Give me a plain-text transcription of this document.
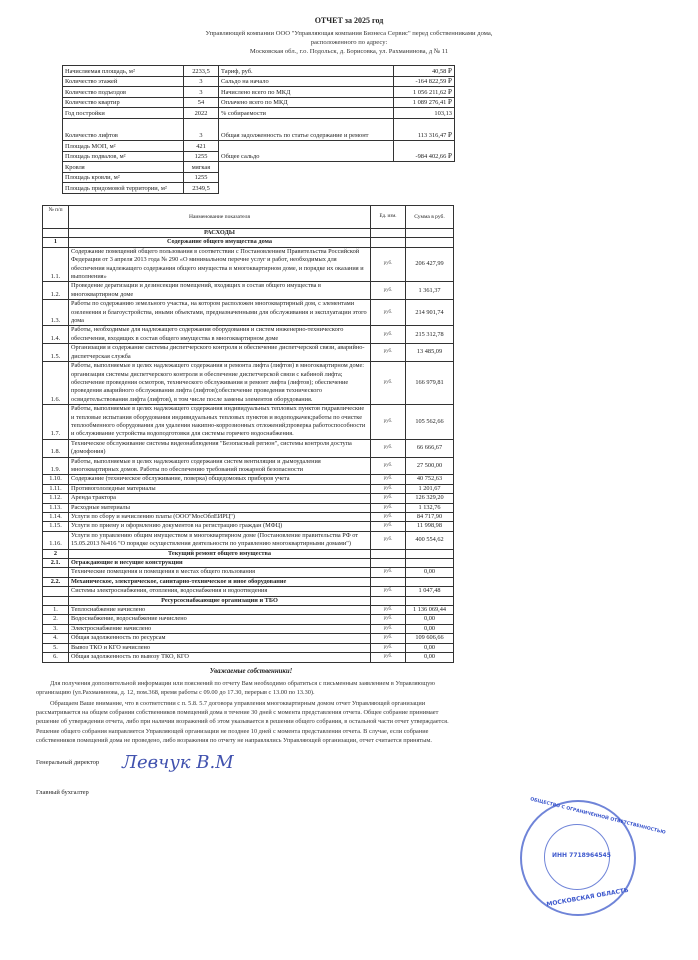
ОТЧЕТ за 2025 год
Управляющей компании ООО "Управляющая компания Бизнеса Сервис" перед собственниками дома,
расположенного по адресу:
Московская обл., г.о. Подольск, д. Борисовка, ул. Рахманинова, д № 11
Начисляемая площадь, м²	2233,5	Тариф, руб.	40,58 ₽
Количество этажей	3	Сальдо на начало	-164 822,59 ₽
Количество подъездов	3	Начислено всего по МКД	1 056 211,62 ₽
Количество квартир	54	Оплачено всего по МКД	1 089 276,41 ₽
Год постройки	2022	% собираемости	103,13
Количество лифтов	3	Общая задолженность по статье содержание и ремонт	113 316,47 ₽
Площадь МОП, м²	421	Общее сальдо	-984 402,66 ₽
Площадь подвалов, м²	1255		
Кровля	мягкая		
Площадь кровли, м²	1255		
Площадь придомовой территории, м²	2349,5		
№ п/п	Наименование показателя	Ед. изм.	Сумма в руб.
	РАСХОДЫ		
1	Содержание общего имущества дома		
1.1.	Содержание помещений общего пользования в соответствии с Постановлением Правительства Российской Федерации от 3 апреля 2013 года № 290 «О минимальном перечне услуг и работ, необходимых для обеспечения надлежащего содержания общего имущества в многоквартирном доме, и порядке их оказания и выполнения»	руб.	206 427,99
1.2.	Проведение дератизации и дезинсекции помещений, входящих в состав общего имущества в многоквартирном доме	руб.	1 361,37
1.3.	Работы по содержанию земельного участка, на котором расположен многоквартирный дом, с элементами озеленения и благоустройства, иными объектами, предназначенными для обслуживания и эксплуатации этого дома	руб.	214 901,74
1.4.	Работы, необходимые для надлежащего содержания оборудования и систем инженерно-технического обеспечения, входящих в состав общего имущества в многоквартирном доме	руб.	215 312,78
1.5.	Организация и содержание системы диспетчерского контроля и обеспечение диспетчерской связи, аварийно-диспетчерская служба	руб.	13 485,09
1.6.	Работы, выполняемые в целях надлежащего содержания и ремонта лифта (лифтов) в многоквартирном доме: организация системы диспетчерского контроля и обеспечение диспетчерской связи с кабиной лифта; обеспечение проведения осмотров, технического обслуживания и ремонт лифта (лифтов); обеспечение проведения аварийного обслуживания лифта (лифтов);обеспечение проведения технического освидетельствования лифта (лифтов), в том числе после замены элементов оборудования.	руб.	166 979,81
1.7.	Работы, выполняемые в целях надлежащего содержания индивидуальных тепловых пунктов гидравлические и тепловые испытания оборудования индивидуальных тепловых пунктов и водоподкачек;работы по очистке теплообменного оборудования для удаления накипно-коррозионных отложений;проверка работоспособности и обслуживание устройства водоподготовки для системы горячего водоснабжения.	руб.	105 562,66
1.8.	Техническое обслуживание системы видеонаблюдения "Безопасный регион", системы контроля доступа (домофония)	руб.	66 666,67
1.9.	Работы, выполняемые в целях надлежащего содержания систем вентиляции и дымоудаления многоквартирных домов. Работы по обеспечению требований пожарной безопасности	руб.	27 500,00
1.10.	Содержание (техническое обслуживание, поверка) общедомовых приборов учета	руб.	40 752,63
1.11.	Противогололедные материалы	руб.	1 201,67
1.12.	Аренда трактора	руб.	126 329,20
1.13.	Расходные материалы	руб.	1 132,76
1.14.	Услуги по сбору и начислению платы (ООО"МосОблЕИРЦ")	руб.	84 717,90
1.15.	Услуги по приему и оформлению документов на регистрацию граждан (МФЦ)	руб.	11 998,98
1.16.	Услуги по управлению общим имуществом в многоквартирном доме (Постановление правительства РФ от 15.05.2013 №416 "О порядке осуществления деятельности по управлению многоквартирными домами")	руб.	400 554,62
2	Текущий ремонт общего имущества		
2.1.	Ограждающие и несущие конструкции		
	Технические помещения и помещения в местах общего пользования	руб.	0,00
2.2.	Механическое, электрическое, санитарно-техническое и иное оборудование		
	Системы электроснабжения, отопления, водоснабжения и водоотведения	руб.	1 047,48
	Ресурсоснабжающие организации и ТБО		
1.	Теплоснабжение начислено	руб.	1 136 069,44
2.	Водоснабжение, водоснабжение начислено	руб.	0,00
3.	Электроснабжение начислено	руб.	0,00
4.	Общая задолженность по ресурсам	руб.	109 606,66
5.	Вывоз ТКО и КГО начислено	руб.	0,00
6.	Общая задолженность по вывозу ТКО, КГО	руб.	0,00
Уважаемые собственники!
Для получения дополнительной информации или пояснений по отчету Вам необходимо обратиться с письменным заявлением в Управляющую организацию (ул.Рахманинова, д. 12, пом.368, время работы с 09.00 до 17.30, перерыв с 13.00 по 13.30).
Обращаем Ваше внимание, что в соответствии с п. 5.8. 5.7 договора управления многоквартирным домом отчет Управляющей организации рассматривается на общем собрании собственников помещений дома в течение 30 дней с момента представления отчета. Общее собрание принимает решение об утверждении отчета, либо при наличии возражений об этом указывается в решении общего собрания, в остальной части отчет утверждается. Решение общего собрания направляется Управляющей организации не позднее 10 дней с момента представления отчета. В случае, если собрание собственников помещений дома не проведено, либо возражения по отчету не направлялись Управляющей организации, отчет считается принятым.
Генеральный директор	Левчук В.М
Главный бухгалтер
ОБЩЕСТВО С ОГРАНИЧЕННОЙ ОТВЕТСТВЕННОСТЬЮ
ИНН 7718964545
МОСКОВСКАЯ ОБЛАСТЬ
